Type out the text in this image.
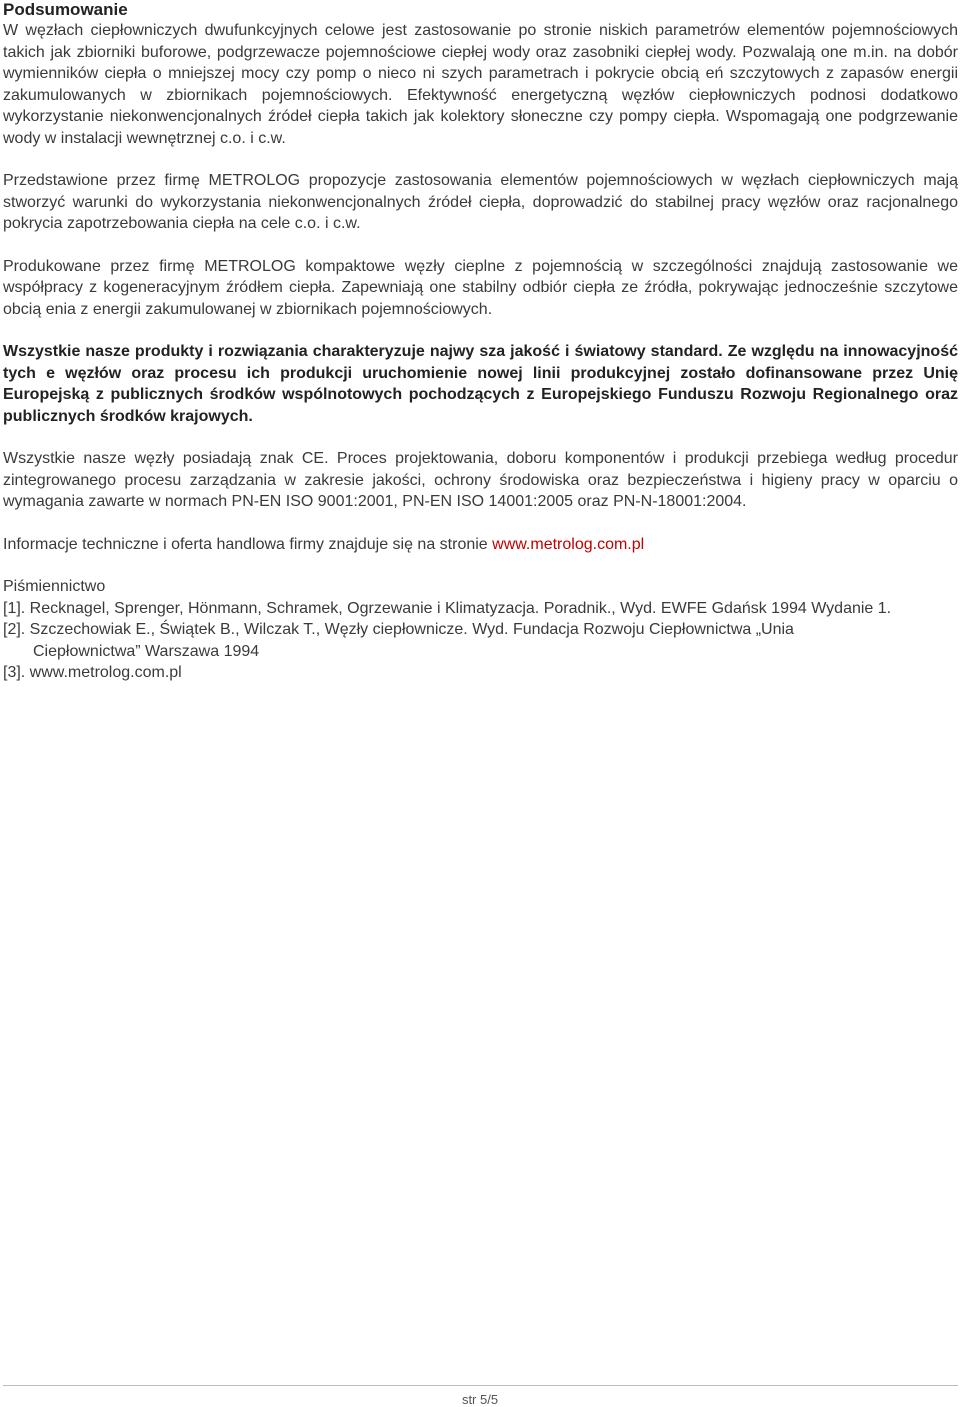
Podsumowanie

W węzłach ciepłowniczych dwufunkcyjnych celowe jest zastosowanie po stronie niskich parametrów elementów pojemnościowych takich jak zbiorniki buforowe, podgrzewacze pojemnościowe ciepłej wody oraz zasobniki ciepłej wody. Pozwalają one m.in. na dobór wymienników ciepła o mniejszej mocy czy pomp o nieco ni szych parametrach i pokrycie obcią eń szczytowych z zapasów energii zakumulowanych w zbiornikach pojemnościowych. Efektywność energetyczną węzłów ciepłowniczych podnosi dodatkowo wykorzystanie niekonwencjonalnych źródeł ciepła takich jak kolektory słoneczne czy pompy ciepła. Wspomagają one podgrzewanie wody w instalacji wewnętrznej c.o. i c.w.

Przedstawione przez firmę METROLOG propozycje zastosowania elementów pojemnościowych w węzłach ciepłowniczych mają stworzyć warunki do wykorzystania niekonwencjonalnych źródeł ciepła, doprowadzić do stabilnej pracy węzłów oraz racjonalnego pokrycia zapotrzebowania ciepła na cele c.o. i c.w.

Produkowane przez firmę METROLOG kompaktowe węzły cieplne z pojemnością w szczególności znajdują zastosowanie we współpracy z kogeneracyjnym źródłem ciepła. Zapewniają one stabilny odbiór ciepła ze źródła, pokrywając jednocześnie szczytowe obcią enia z energii zakumulowanej w zbiornikach pojemnościowych.

Wszystkie nasze produkty i rozwiązania charakteryzuje najwy sza jakość i światowy standard. Ze względu na innowacyjność tych e węzłów oraz procesu ich produkcji uruchomienie nowej linii produkcyjnej zostało dofinansowane przez Unię Europejską z publicznych środków wspólnotowych pochodzących z Europejskiego Funduszu Rozwoju Regionalnego oraz publicznych środków krajowych.

Wszystkie nasze węzły posiadają znak CE. Proces projektowania, doboru komponentów i produkcji przebiega według procedur zintegrowanego procesu zarządzania w zakresie jakości, ochrony środowiska oraz bezpieczeństwa i higieny pracy w oparciu o wymagania zawarte w normach PN-EN ISO 9001:2001, PN-EN ISO 14001:2005 oraz PN-N-18001:2004.

Informacje techniczne i oferta handlowa firmy znajduje się na stronie www.metrolog.com.pl

Piśmiennictwo

[1]. Recknagel, Sprenger, Hönmann, Schramek, Ogrzewanie i Klimatyzacja. Poradnik., Wyd. EWFE Gdańsk 1994 Wydanie 1.

[2]. Szczechowiak E., Świątek B., Wilczak T., Węzły ciepłownicze. Wyd. Fundacja Rozwoju Ciepłownictwa „Unia

Ciepłownictwa” Warszawa 1994

[3]. www.metrolog.com.pl

str 5/5
